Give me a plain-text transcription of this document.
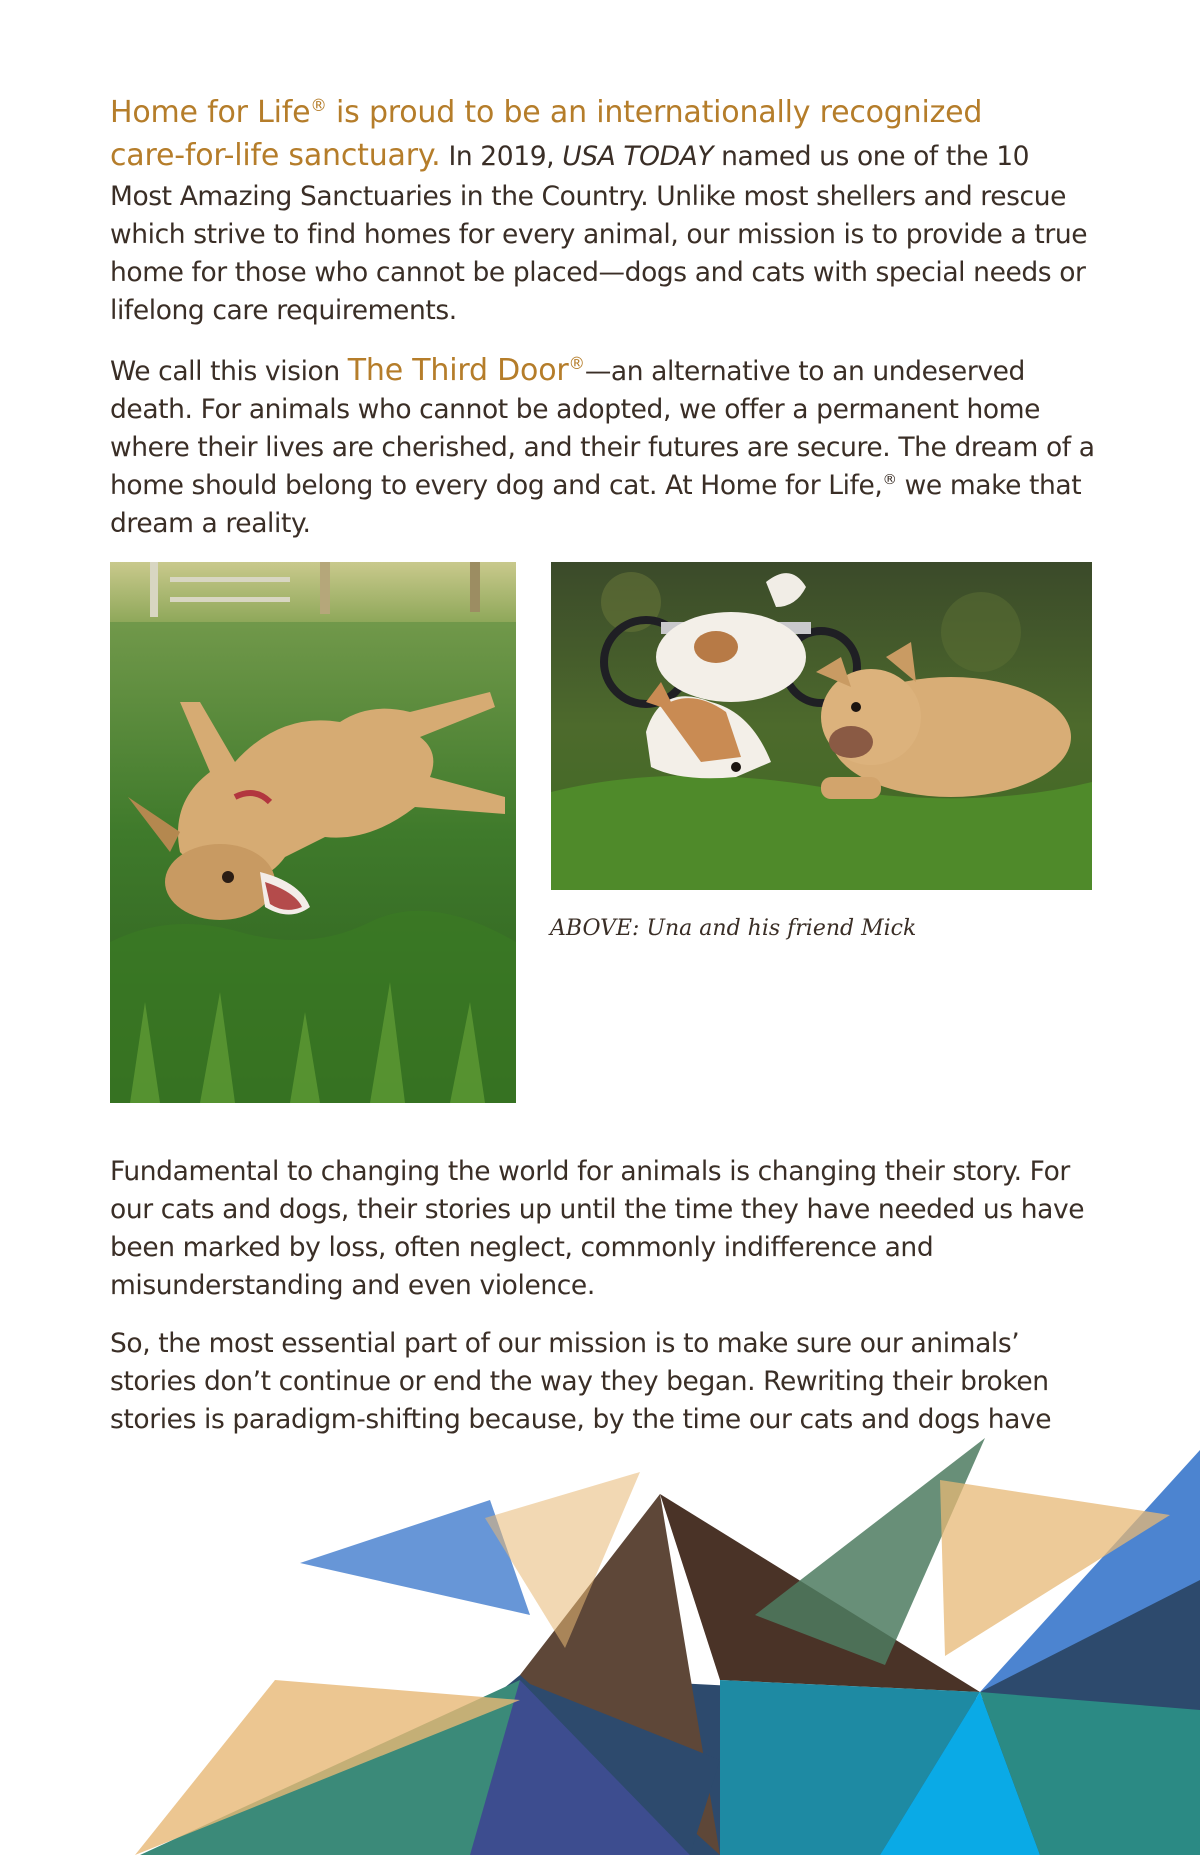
Home for Life® is proud to be an internationally recognized
care-for-life sanctuary. In 2019, USA TODAY named us one of the 10 Most Amazing Sanctuaries in the Country. Unlike most shellers and rescue which strive to find homes for every animal, our mission is to provide a true home for those who cannot be placed—dogs and cats with special needs or lifelong care requirements.

We call this vision The Third Door®—an alternative to an undeserved death. For animals who cannot be adopted, we offer a permanent home where their lives are cherished, and their futures are secure. The dream of a home should belong to every dog and cat. At Home for Life,® we make that dream a reality.

ABOVE: Una and his friend Mick

Fundamental to changing the world for animals is changing their story. For our cats and dogs, their stories up until the time they have needed us have been marked by loss, often neglect, commonly indifference and misunderstanding and even violence.

So, the most essential part of our mission is to make sure our animals’ stories don’t continue or end the way they began. Rewriting their broken stories is paradigm-shifting because, by the time our cats and dogs have
